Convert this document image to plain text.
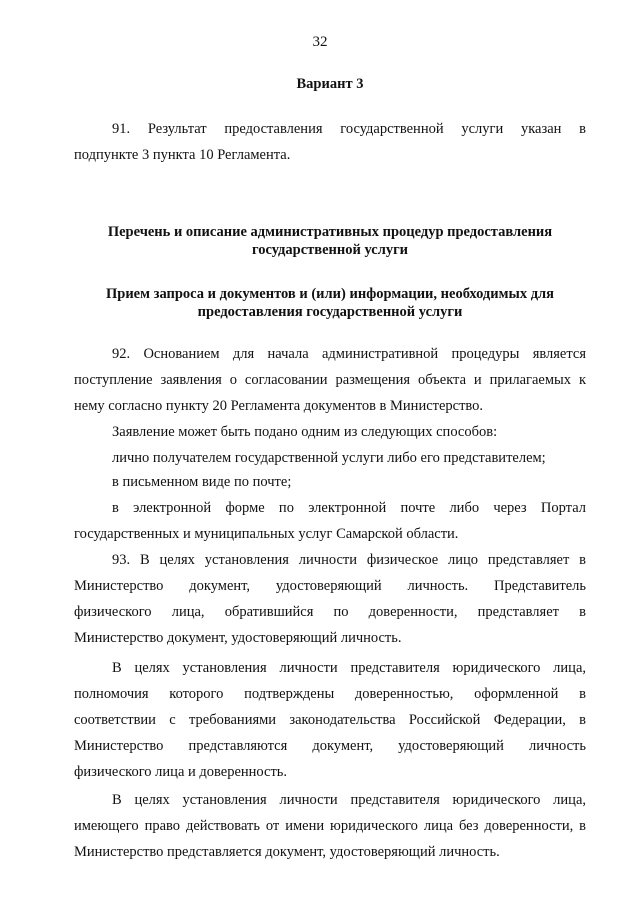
32
Вариант 3
91. Результат предоставления государственной услуги указан в
подпункте 3 пункта 10 Регламента.
Перечень и описание административных процедур предоставления
государственной услуги
Прием запроса и документов и (или) информации, необходимых для
предоставления государственной услуги
92. Основанием для начала административной процедуры является
поступление заявления о согласовании размещения объекта и прилагаемых к
нему согласно пункту 20 Регламента документов в Министерство.
Заявление может быть подано одним из следующих способов:
лично получателем государственной услуги либо его представителем;
в письменном виде по почте;
в электронной форме по электронной почте либо через Портал
государственных и муниципальных услуг Самарской области.
93. В целях установления личности физическое лицо представляет в
Министерство документ, удостоверяющий личность. Представитель
физического лица, обратившийся по доверенности, представляет в
Министерство документ, удостоверяющий личность.
В целях установления личности представителя юридического лица,
полномочия которого подтверждены доверенностью, оформленной в
соответствии с требованиями законодательства Российской Федерации, в
Министерство представляются документ, удостоверяющий личность
физического лица и доверенность.
В целях установления личности представителя юридического лица,
имеющего право действовать от имени юридического лица без доверенности, в
Министерство представляется документ, удостоверяющий личность.
